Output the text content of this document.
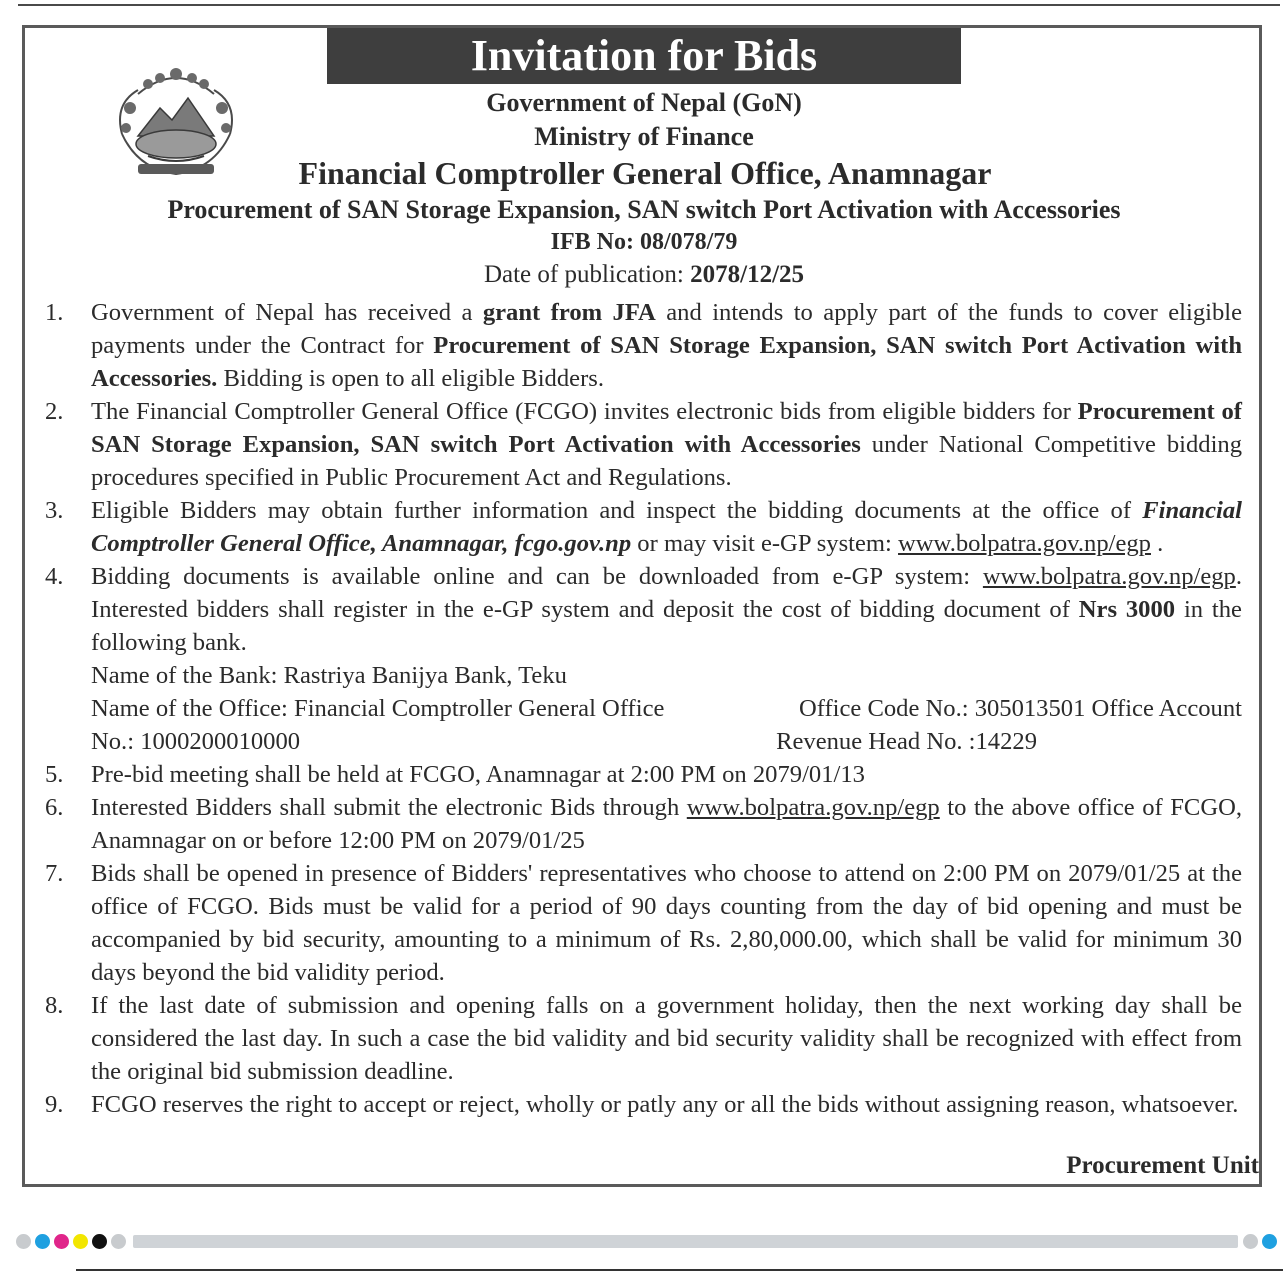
Invitation for Bids
Government of Nepal (GoN)
Ministry of Finance
Financial Comptroller General Office, Anamnagar
Procurement of SAN Storage Expansion, SAN switch Port Activation with Accessories
IFB No: 08/078/79
Date of publication: 2078/12/25
1. Government of Nepal has received a grant from JFA and intends to apply part of the funds to cover eligible payments under the Contract for Procurement of SAN Storage Expansion, SAN switch Port Activation with Accessories. Bidding is open to all eligible Bidders.
2. The Financial Comptroller General Office (FCGO) invites electronic bids from eligible bidders for Procurement of SAN Storage Expansion, SAN switch Port Activation with Accessories under National Competitive bidding procedures specified in Public Procurement Act and Regulations.
3. Eligible Bidders may obtain further information and inspect the bidding documents at the office of Financial Comptroller General Office, Anamnagar, fcgo.gov.np or may visit e-GP system: www.bolpatra.gov.np/egp .
4. Bidding documents is available online and can be downloaded from e-GP system: www.bolpatra.gov.np/egp. Interested bidders shall register in the e-GP system and deposit the cost of bidding document of Nrs 3000 in the following bank.
Name of the Bank: Rastriya Banijya Bank, Teku
Name of the Office: Financial Comptroller General Office	Office Code No.: 305013501 Office Account
No.: 1000200010000	Revenue Head No. :14229
5. Pre-bid meeting shall be held at FCGO, Anamnagar at 2:00 PM on 2079/01/13
6. Interested Bidders shall submit the electronic Bids through www.bolpatra.gov.np/egp to the above office of FCGO, Anamnagar on or before 12:00 PM on 2079/01/25
7. Bids shall be opened in presence of Bidders' representatives who choose to attend on 2:00 PM on 2079/01/25 at the office of FCGO. Bids must be valid for a period of 90 days counting from the day of bid opening and must be accompanied by bid security, amounting to a minimum of Rs. 2,80,000.00, which shall be valid for minimum 30 days beyond the bid validity period.
8. If the last date of submission and opening falls on a government holiday, then the next working day shall be considered the last day. In such a case the bid validity and bid security validity shall be recognized with effect from the original bid submission deadline.
9. FCGO reserves the right to accept or reject, wholly or patly any or all the bids without assigning reason, whatsoever.
Procurement Unit
